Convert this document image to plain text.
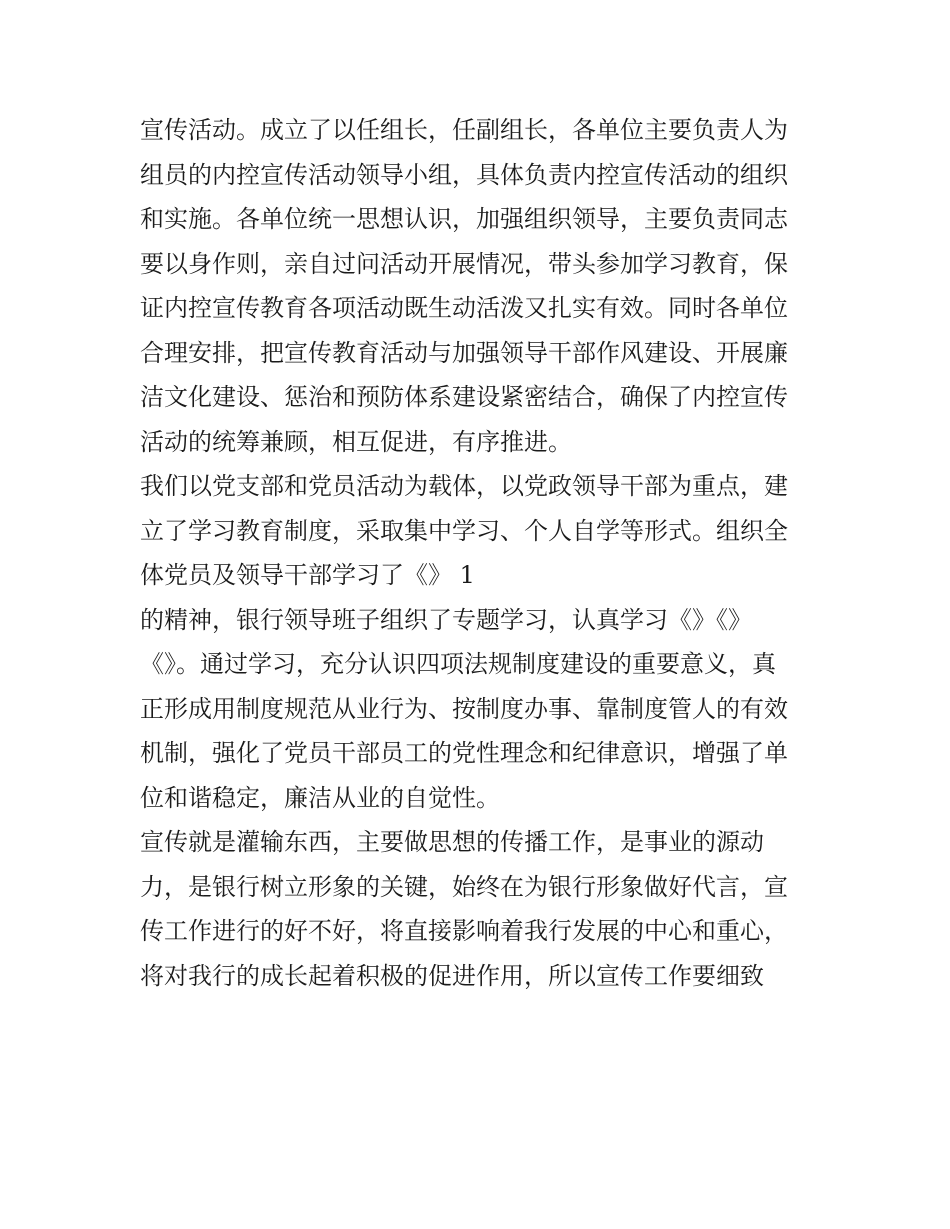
宣传活动。成立了以任组长，任副组长，各单位主要负责人为
组员的内控宣传活动领导小组，具体负责内控宣传活动的组织
和实施。各单位统一思想认识，加强组织领导，主要负责同志
要以身作则，亲自过问活动开展情况，带头参加学习教育，保
证内控宣传教育各项活动既生动活泼又扎实有效。同时各单位
合理安排，把宣传教育活动与加强领导干部作风建设、开展廉
洁文化建设、惩治和预防体系建设紧密结合，确保了内控宣传
活动的统筹兼顾，相互促进，有序推进。
我们以党支部和党员活动为载体，以党政领导干部为重点，建
立了学习教育制度，采取集中学习、个人自学等形式。组织全
体党员及领导干部学习了《》 1
的精神，银行领导班子组织了专题学习，认真学习《》《》
《》。通过学习，充分认识四项法规制度建设的重要意义，真
正形成用制度规范从业行为、按制度办事、靠制度管人的有效
机制，强化了党员干部员工的党性理念和纪律意识，增强了单
位和谐稳定，廉洁从业的自觉性。
宣传就是灌输东西，主要做思想的传播工作，是事业的源动
力，是银行树立形象的关键，始终在为银行形象做好代言，宣
传工作进行的好不好，将直接影响着我行发展的中心和重心，
将对我行的成长起着积极的促进作用，所以宣传工作要细致
